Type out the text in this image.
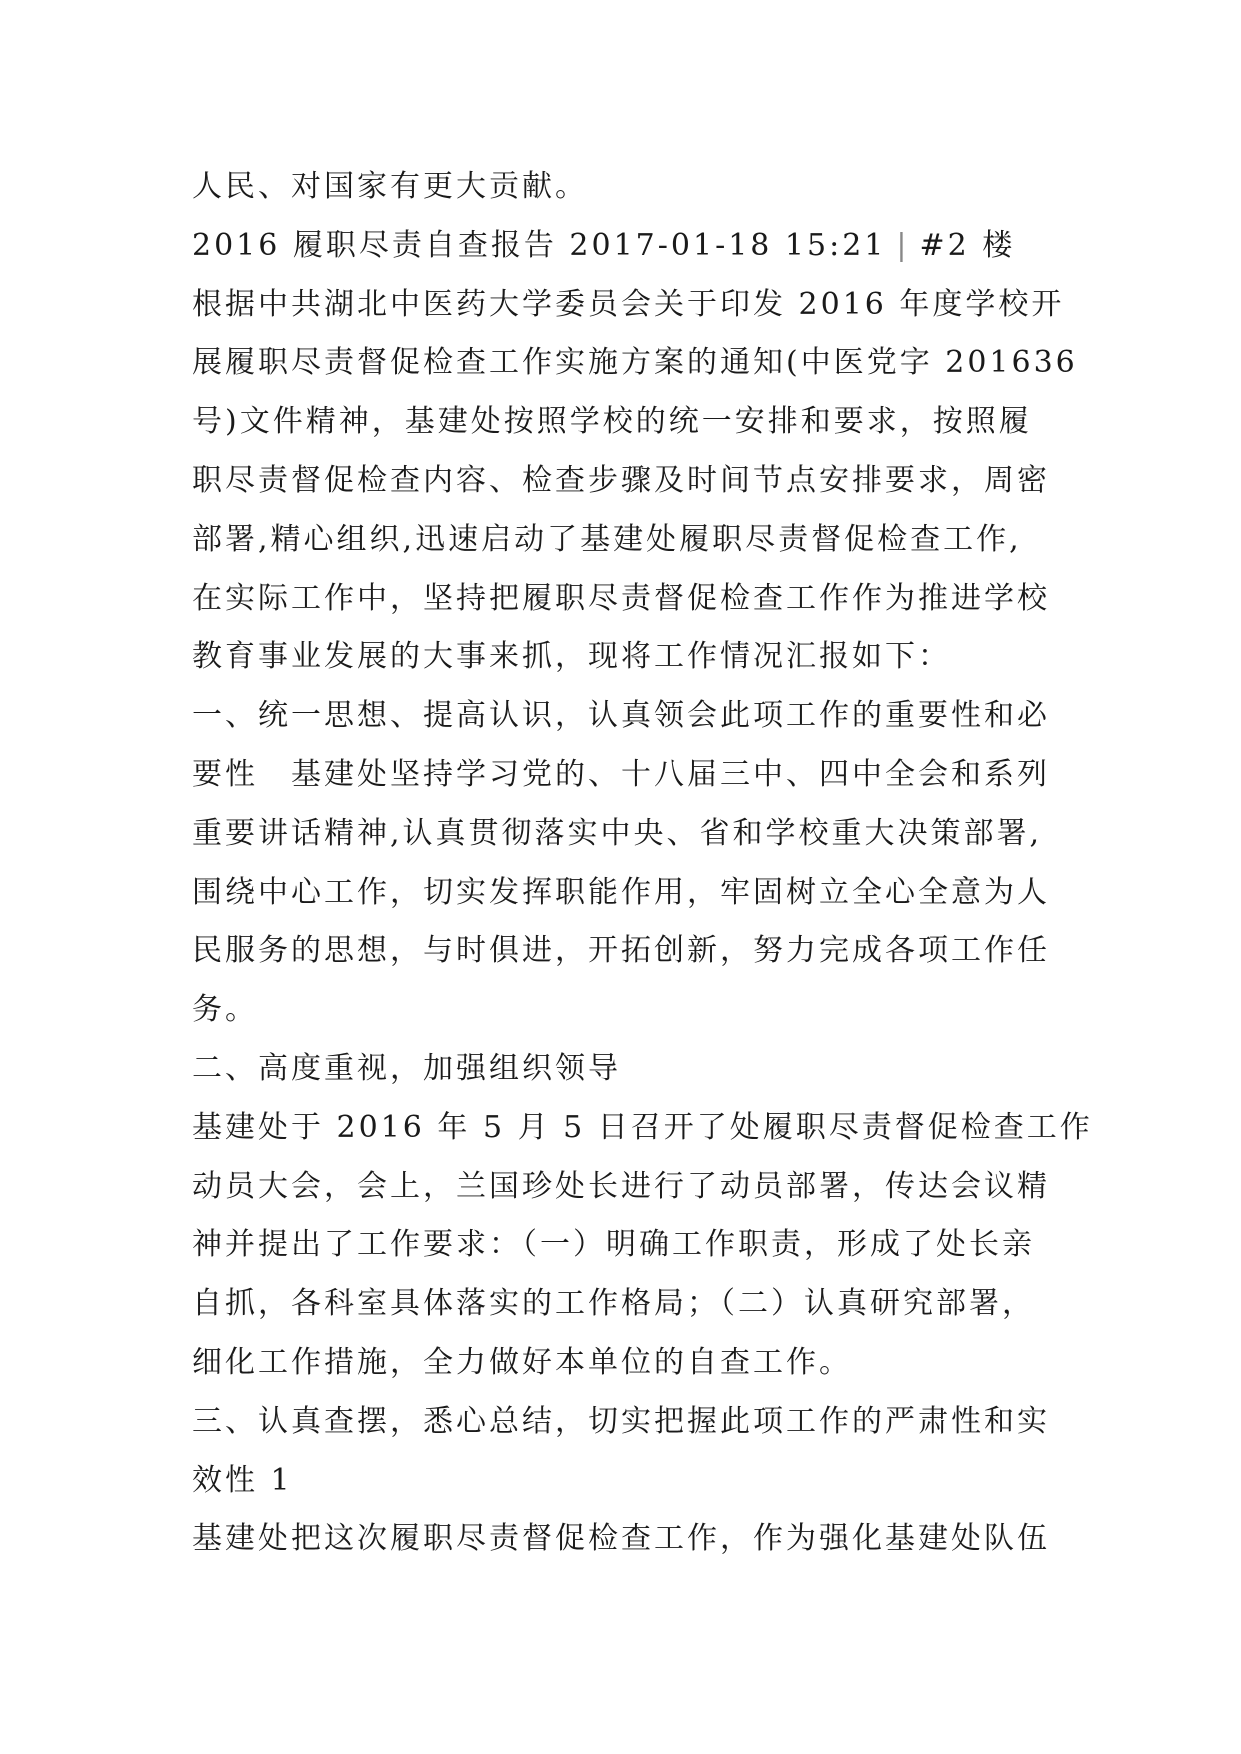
人民、对国家有更大贡献。
2016 履职尽责自查报告 2017-01-18 15:21 | #2 楼
根据中共湖北中医药大学委员会关于印发 2016 年度学校开
展履职尽责督促检查工作实施方案的通知(中医党字 201636
号)文件精神，基建处按照学校的统一安排和要求，按照履
职尽责督促检查内容、检查步骤及时间节点安排要求，周密
部署,精心组织,迅速启动了基建处履职尽责督促检查工作,
在实际工作中，坚持把履职尽责督促检查工作作为推进学校
教育事业发展的大事来抓，现将工作情况汇报如下：
一、统一思想、提高认识，认真领会此项工作的重要性和必
要性　基建处坚持学习党的、十八届三中、四中全会和系列
重要讲话精神,认真贯彻落实中央、省和学校重大决策部署,
围绕中心工作，切实发挥职能作用，牢固树立全心全意为人
民服务的思想，与时俱进，开拓创新，努力完成各项工作任
务。
二、高度重视，加强组织领导
基建处于 2016 年 5 月 5 日召开了处履职尽责督促检查工作
动员大会，会上，兰国珍处长进行了动员部署，传达会议精
神并提出了工作要求：（一）明确工作职责，形成了处长亲
自抓，各科室具体落实的工作格局；（二）认真研究部署，
细化工作措施，全力做好本单位的自查工作。
三、认真查摆，悉心总结，切实把握此项工作的严肃性和实
效性 1
基建处把这次履职尽责督促检查工作，作为强化基建处队伍
